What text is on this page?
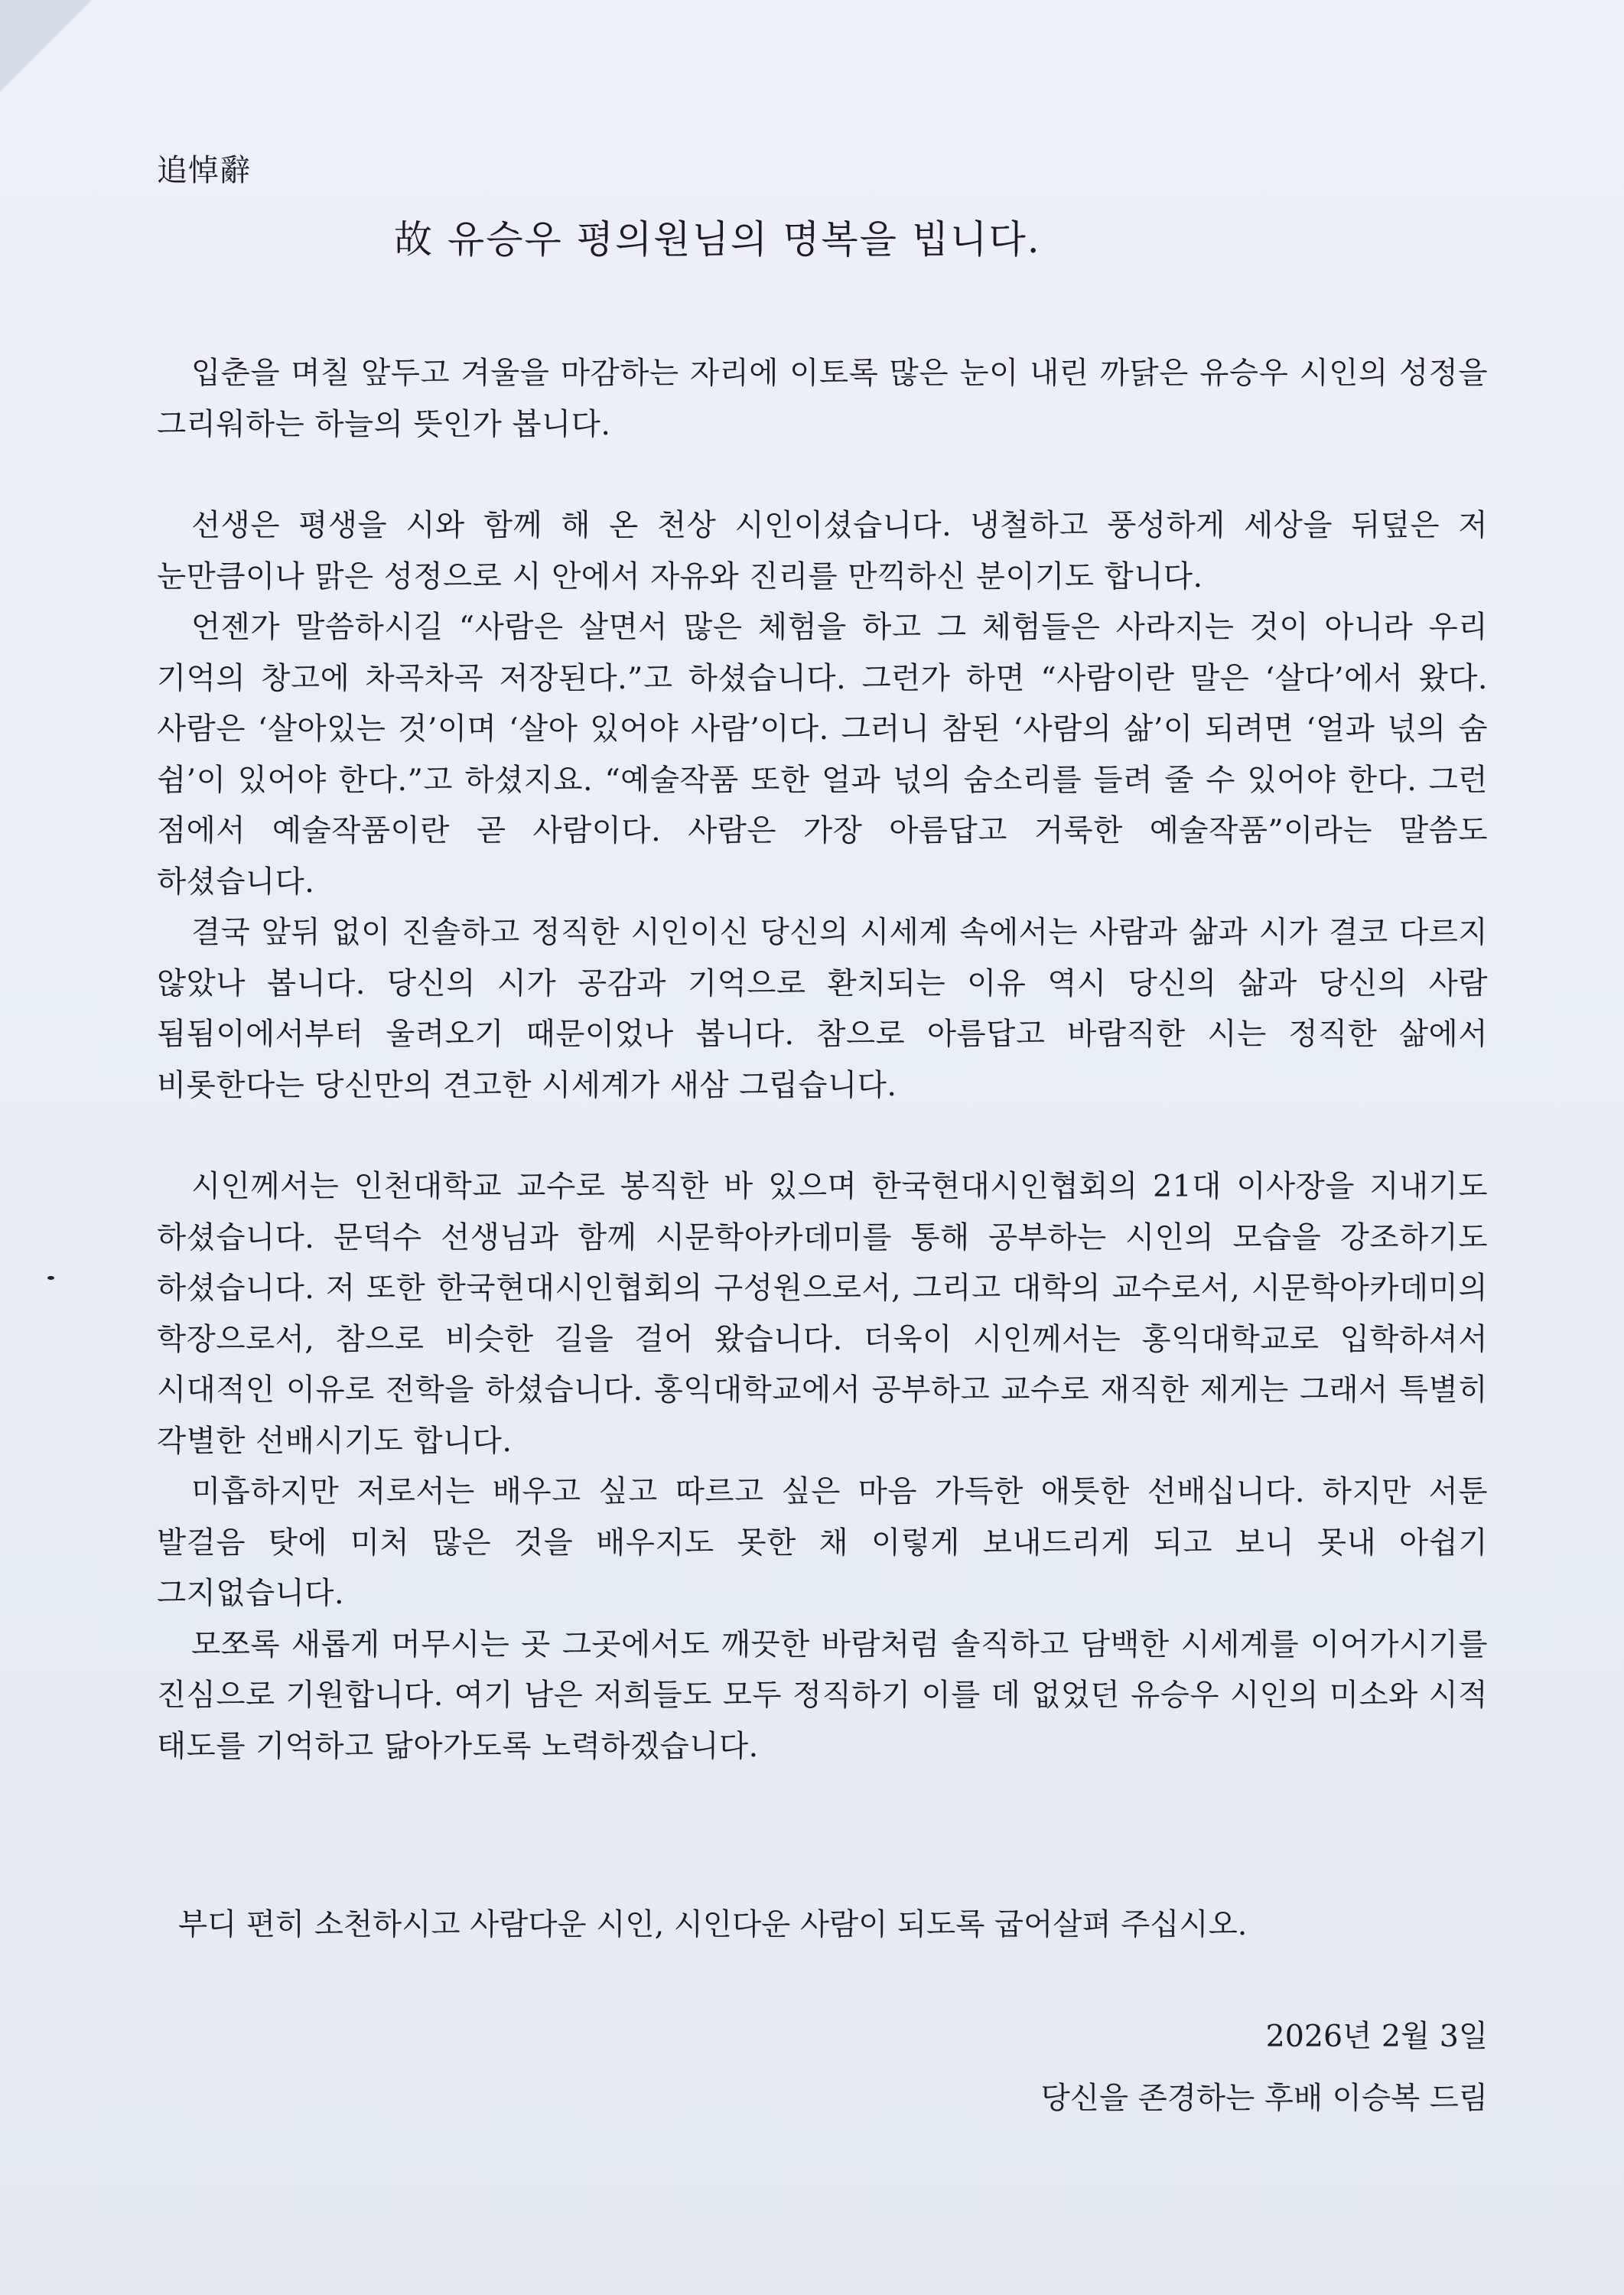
追悼辭
故 유승우 평의원님의 명복을 빕니다.

입춘을 며칠 앞두고 겨울을 마감하는 자리에 이토록 많은 눈이 내린 까닭은 유승우 시인의 성정을 그리워하는 하늘의 뜻인가 봅니다.

선생은 평생을 시와 함께 해 온 천상 시인이셨습니다. 냉철하고 풍성하게 세상을 뒤덮은 저 눈만큼이나 맑은 성정으로 시 안에서 자유와 진리를 만끽하신 분이기도 합니다.

언젠가 말씀하시길 “사람은 살면서 많은 체험을 하고 그 체험들은 사라지는 것이 아니라 우리 기억의 창고에 차곡차곡 저장된다.”고 하셨습니다. 그런가 하면 “사람이란 말은 ‘살다’에서 왔다. 사람은 ‘살아있는 것’이며 ‘살아 있어야 사람’이다. 그러니 참된 ‘사람의 삶’이 되려면 ‘얼과 넋의 숨 쉼’이 있어야 한다.”고 하셨지요. “예술작품 또한 얼과 넋의 숨소리를 들려 줄 수 있어야 한다. 그런 점에서 예술작품이란 곧 사람이다. 사람은 가장 아름답고 거룩한 예술작품”이라는 말씀도 하셨습니다.

결국 앞뒤 없이 진솔하고 정직한 시인이신 당신의 시세계 속에서는 사람과 삶과 시가 결코 다르지 않았나 봅니다. 당신의 시가 공감과 기억으로 환치되는 이유 역시 당신의 삶과 당신의 사람 됨됨이에서부터 울려오기 때문이었나 봅니다. 참으로 아름답고 바람직한 시는 정직한 삶에서 비롯한다는 당신만의 견고한 시세계가 새삼 그립습니다.

시인께서는 인천대학교 교수로 봉직한 바 있으며 한국현대시인협회의 21대 이사장을 지내기도 하셨습니다. 문덕수 선생님과 함께 시문학아카데미를 통해 공부하는 시인의 모습을 강조하기도 하셨습니다. 저 또한 한국현대시인협회의 구성원으로서, 그리고 대학의 교수로서, 시문학아카데미의 학장으로서, 참으로 비슷한 길을 걸어 왔습니다. 더욱이 시인께서는 홍익대학교로 입학하셔서 시대적인 이유로 전학을 하셨습니다. 홍익대학교에서 공부하고 교수로 재직한 제게는 그래서 특별히 각별한 선배시기도 합니다.

미흡하지만 저로서는 배우고 싶고 따르고 싶은 마음 가득한 애틋한 선배십니다. 하지만 서툰 발걸음 탓에 미처 많은 것을 배우지도 못한 채 이렇게 보내드리게 되고 보니 못내 아쉽기 그지없습니다.

모쪼록 새롭게 머무시는 곳 그곳에서도 깨끗한 바람처럼 솔직하고 담백한 시세계를 이어가시기를 진심으로 기원합니다. 여기 남은 저희들도 모두 정직하기 이를 데 없었던 유승우 시인의 미소와 시적 태도를 기억하고 닮아가도록 노력하겠습니다.

부디 편히 소천하시고 사람다운 시인, 시인다운 사람이 되도록 굽어살펴 주십시오.
2026년 2월 3일
당신을 존경하는 후배 이승복 드림
